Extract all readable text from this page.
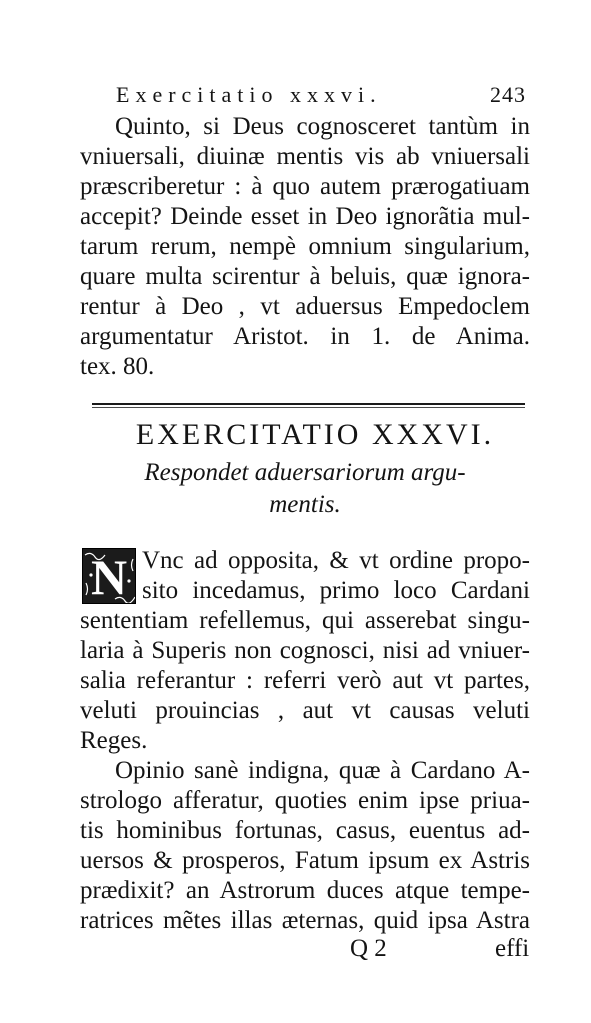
Exercitatio xxxvi.	243
Quinto, si Deus cognosceret tantùm in
vniuersali, diuinæ mentis vis ab vniuersali
præscriberetur : à quo autem prærogatiuam
accepit? Deinde esset in Deo ignorãtia mul-
tarum rerum, nempè omnium singularium,
quare multa scirentur à beluis, quæ ignora-
rentur à Deo , vt aduersus Empedoclem
argumentatur Aristot. in 1. de Anima.
tex. 80.
EXERCITATIO XXXVI.
Respondet aduersariorum argu-
mentis.
N Vnc ad opposita, & vt ordine propo-
sito incedamus, primo loco Cardani
sententiam refellemus, qui asserebat singu-
laria à Superis non cognosci, nisi ad vniuer-
salia referantur : referri verò aut vt partes,
veluti prouincias , aut vt causas veluti
Reges.
Opinio sanè indigna, quæ à Cardano A-
strologo afferatur, quoties enim ipse priua-
tis hominibus fortunas, casus, euentus ad-
uersos & prosperos, Fatum ipsum ex Astris
prædixit? an Astrorum duces atque tempe-
ratrices mẽtes illas æternas, quid ipsa Astra
Q 2	effi
